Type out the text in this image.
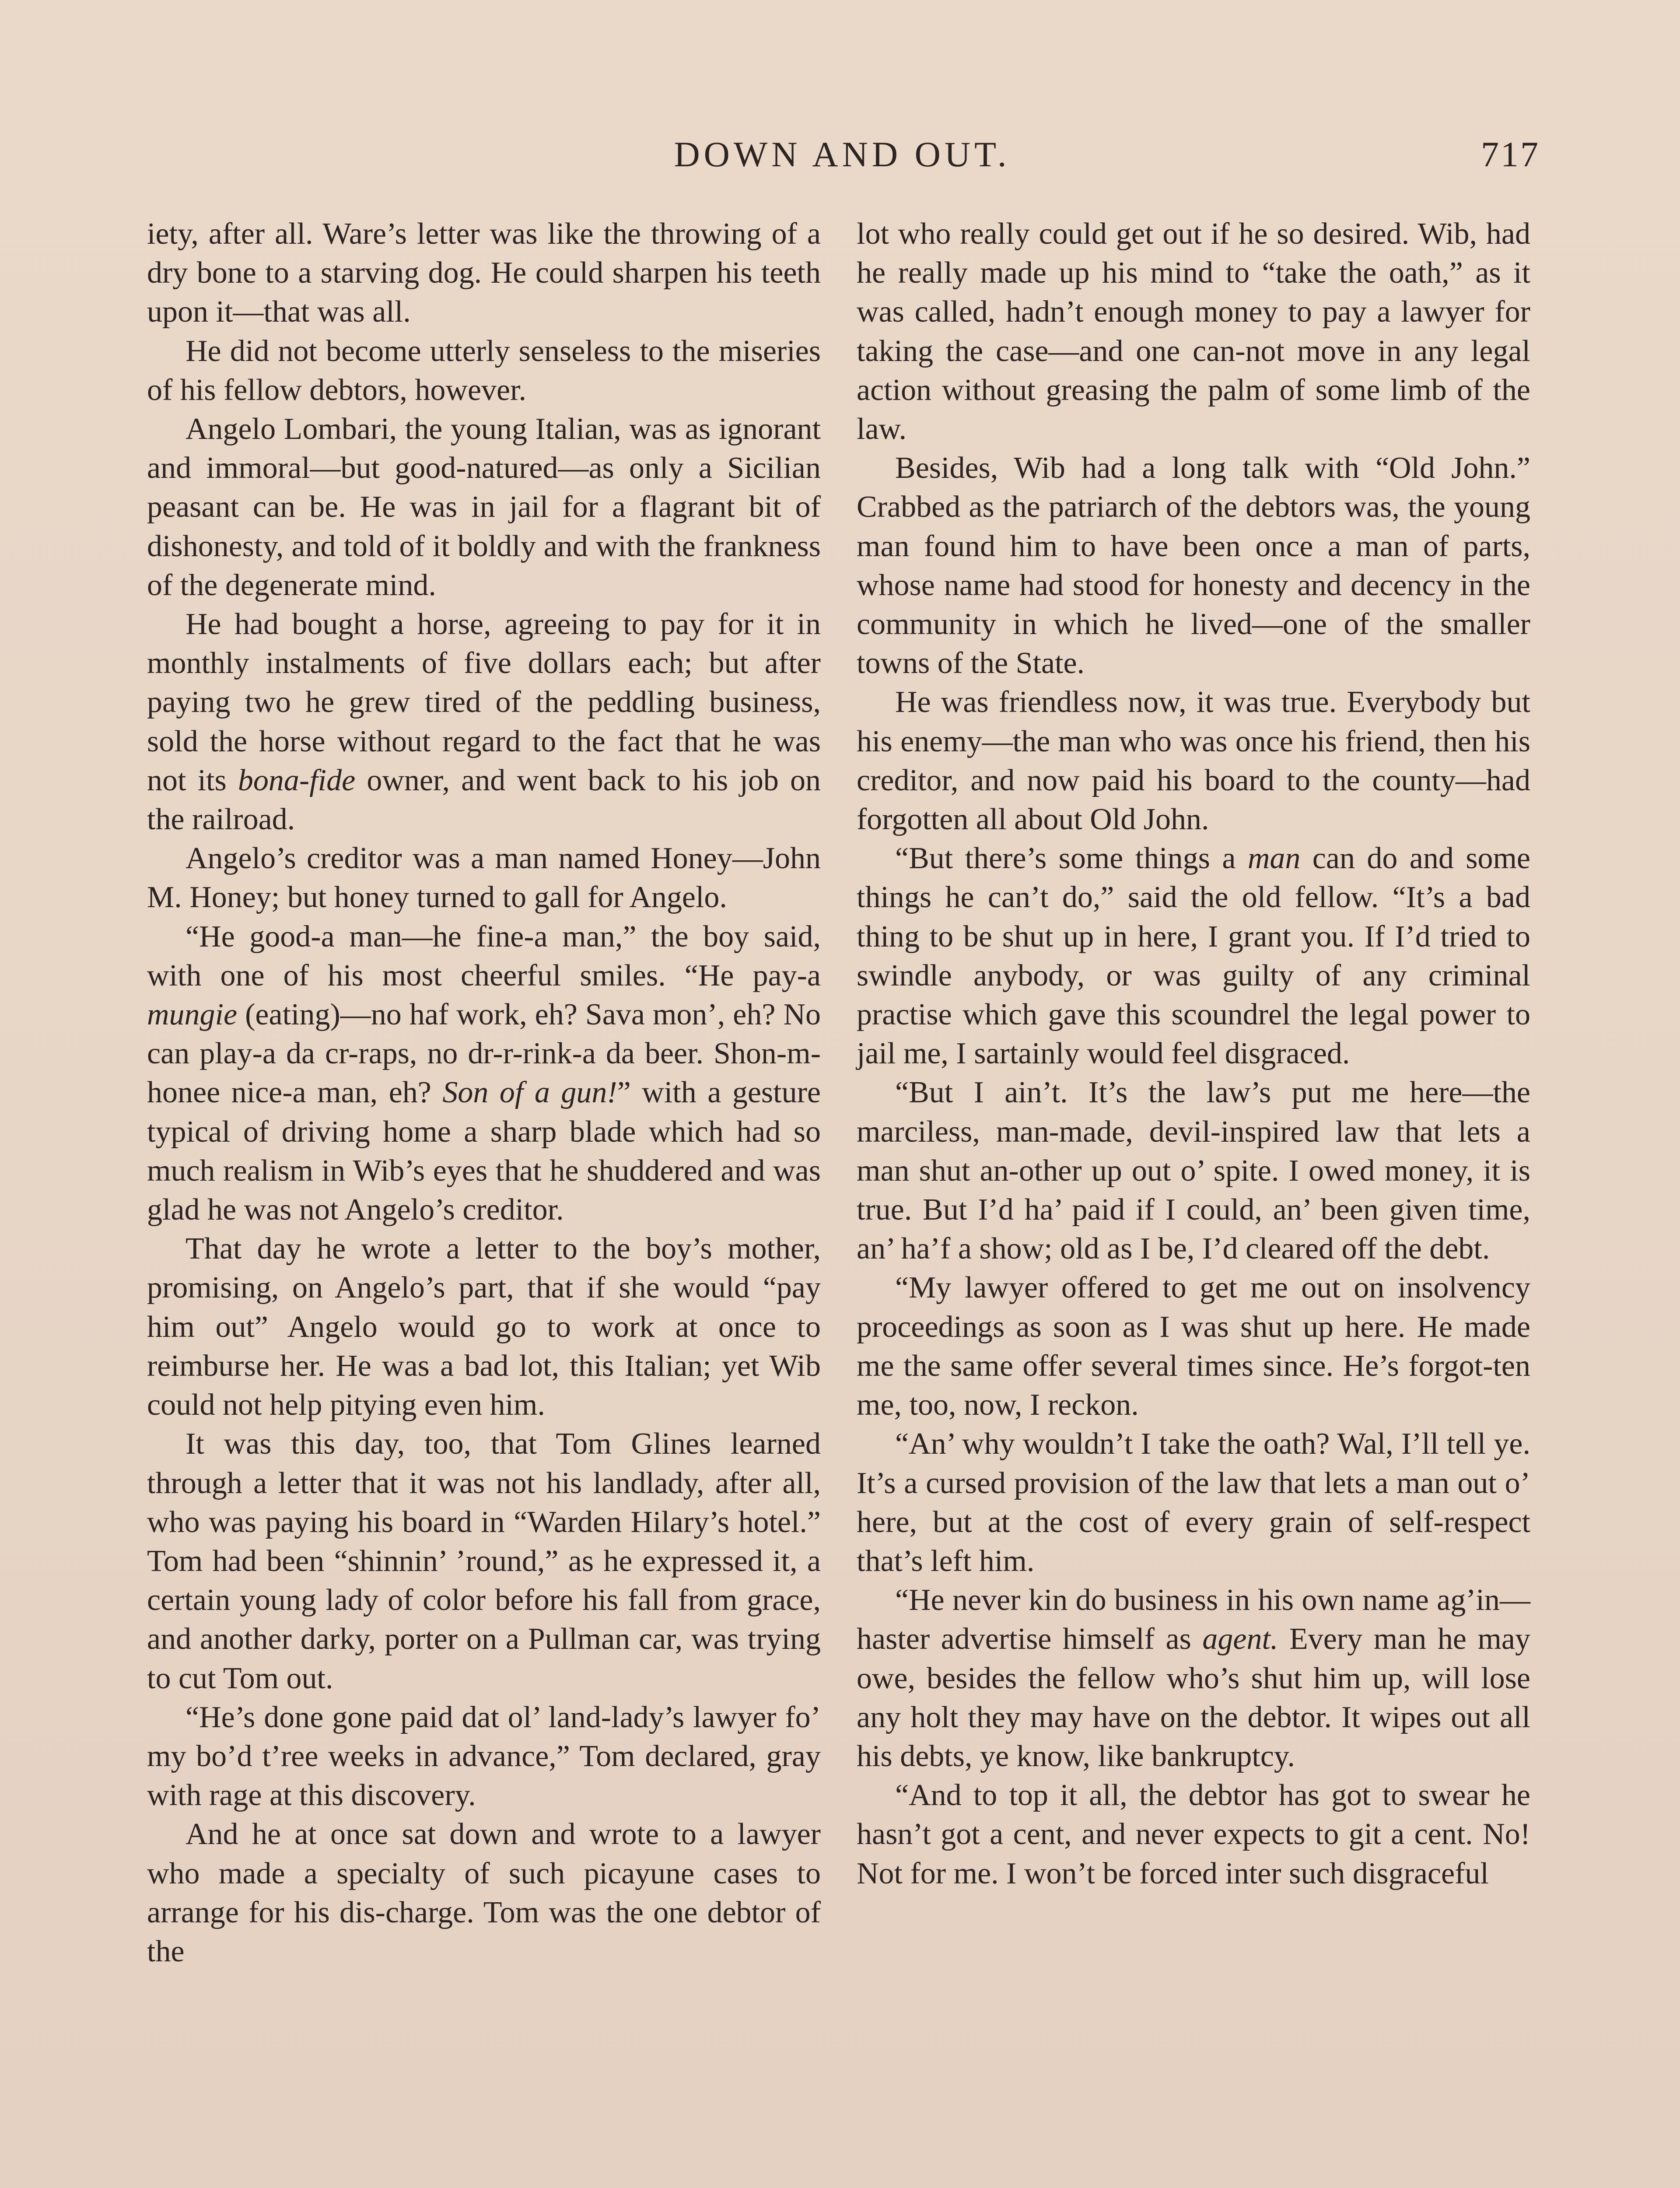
DOWN AND OUT.	717

iety, after all. Ware’s letter was like the throwing of a dry bone to a starving dog. He could sharpen his teeth upon it—that was all.

He did not become utterly senseless to the miseries of his fellow debtors, however.

Angelo Lombari, the young Italian, was as ignorant and immoral—but good-natured—as only a Sicilian peasant can be. He was in jail for a flagrant bit of dishonesty, and told of it boldly and with the frankness of the degenerate mind.

He had bought a horse, agreeing to pay for it in monthly instalments of five dollars each; but after paying two he grew tired of the peddling business, sold the horse without regard to the fact that he was not its bona-fide owner, and went back to his job on the railroad.

Angelo’s creditor was a man named Honey—John M. Honey; but honey turned to gall for Angelo.

“He good-a man—he fine-a man,” the boy said, with one of his most cheerful smiles. “He pay-a mungie (eating)—no haf work, eh? Sava mon’, eh? No can play-a da cr-raps, no dr-r-rink-a da beer. Shon-m-honee nice-a man, eh? Son of a gun!” with a gesture typical of driving home a sharp blade which had so much realism in Wib’s eyes that he shuddered and was glad he was not Angelo’s creditor.

That day he wrote a letter to the boy’s mother, promising, on Angelo’s part, that if she would “pay him out” Angelo would go to work at once to reimburse her. He was a bad lot, this Italian; yet Wib could not help pitying even him.

It was this day, too, that Tom Glines learned through a letter that it was not his landlady, after all, who was paying his board in “Warden Hilary’s hotel.” Tom had been “shinnin’ ’round,” as he expressed it, a certain young lady of color before his fall from grace, and another darky, porter on a Pullman car, was trying to cut Tom out.

“He’s done gone paid dat ol’ land-lady’s lawyer fo’ my bo’d t’ree weeks in advance,” Tom declared, gray with rage at this discovery.

And he at once sat down and wrote to a lawyer who made a specialty of such picayune cases to arrange for his dis-charge. Tom was the one debtor of the

lot who really could get out if he so desired. Wib, had he really made up his mind to “take the oath,” as it was called, hadn’t enough money to pay a lawyer for taking the case—and one can-not move in any legal action without greasing the palm of some limb of the law.

Besides, Wib had a long talk with “Old John.” Crabbed as the patriarch of the debtors was, the young man found him to have been once a man of parts, whose name had stood for honesty and decency in the community in which he lived—one of the smaller towns of the State.

He was friendless now, it was true. Everybody but his enemy—the man who was once his friend, then his creditor, and now paid his board to the county—had forgotten all about Old John.

“But there’s some things a man can do and some things he can’t do,” said the old fellow. “It’s a bad thing to be shut up in here, I grant you. If I’d tried to swindle anybody, or was guilty of any criminal practise which gave this scoundrel the legal power to jail me, I sartainly would feel disgraced.

“But I ain’t. It’s the law’s put me here—the marciless, man-made, devil-inspired law that lets a man shut an-other up out o’ spite. I owed money, it is true. But I’d ha’ paid if I could, an’ been given time, an’ ha’f a show; old as I be, I’d cleared off the debt.

“My lawyer offered to get me out on insolvency proceedings as soon as I was shut up here. He made me the same offer several times since. He’s forgot-ten me, too, now, I reckon.

“An’ why wouldn’t I take the oath? Wal, I’ll tell ye. It’s a cursed provision of the law that lets a man out o’ here, but at the cost of every grain of self-respect that’s left him.

“He never kin do business in his own name ag’in—haster advertise himself as agent. Every man he may owe, besides the fellow who’s shut him up, will lose any holt they may have on the debtor. It wipes out all his debts, ye know, like bankruptcy.

“And to top it all, the debtor has got to swear he hasn’t got a cent, and never expects to git a cent. No! Not for me. I won’t be forced inter such disgraceful
